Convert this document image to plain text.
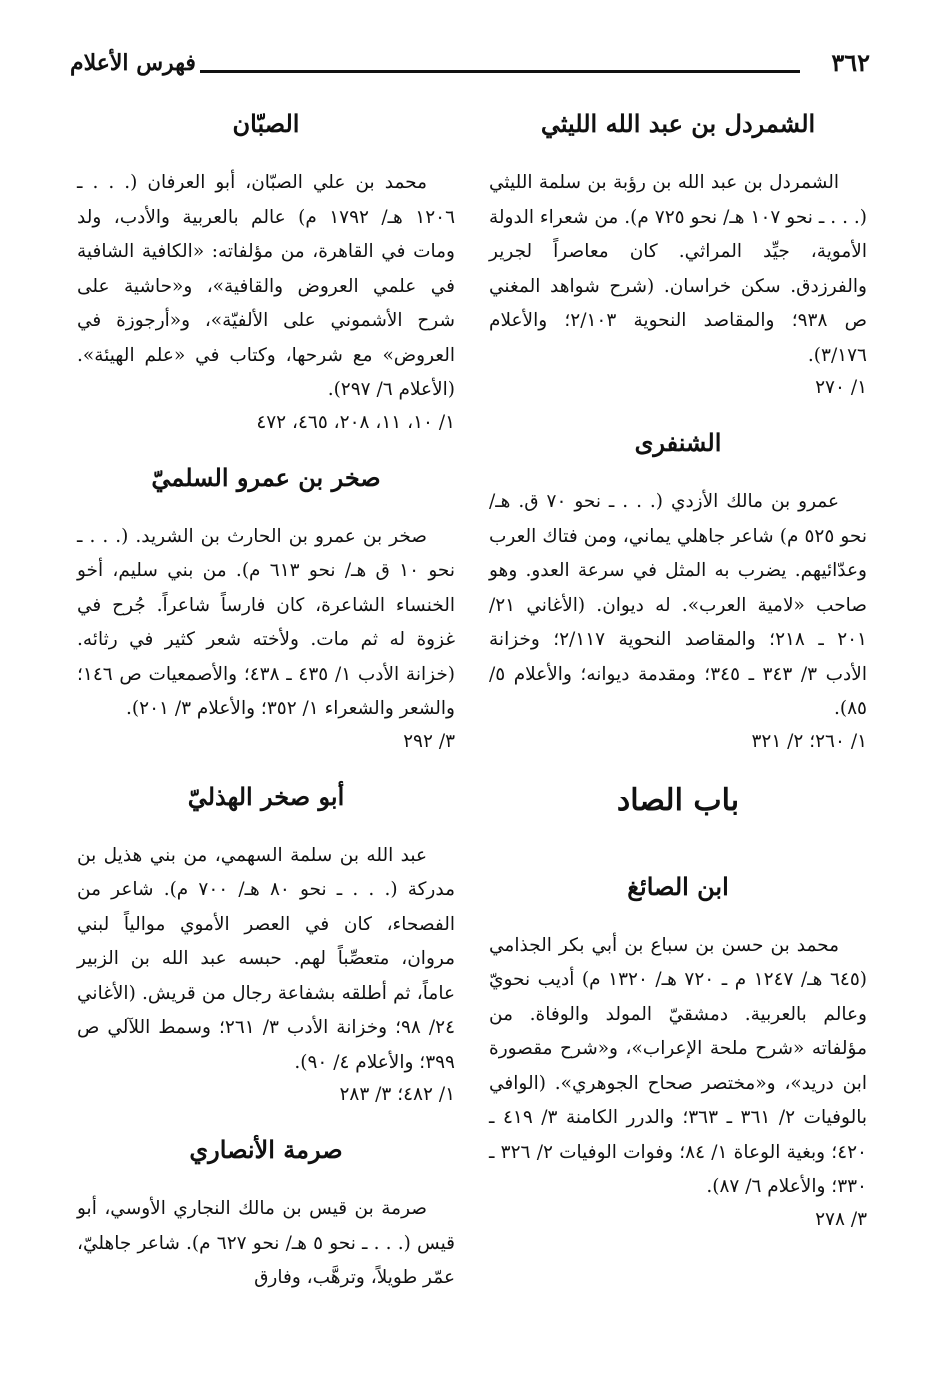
٣٦٢
فهرس الأعلام
الشمردل بن عبد الله الليثي

الشمردل بن عبد الله بن رؤبة بن سلمة الليثي (. . . ـ نحو ١٠٧ هـ/ نحو ٧٢٥ م). من شعراء الدولة الأموية، جيِّد المراثي. كان معاصراً لجرير والفرزدق. سكن خراسان. (شرح شواهد المغني ص ٩٣٨؛ والمقاصد النحوية ٢/١٠٣؛ والأعلام ٣/١٧٦).

١/ ٢٧٠

الشنفرى

عمرو بن مالك الأزدي (. . . ـ نحو ٧٠ ق. هـ/ نحو ٥٢٥ م) شاعر جاهلي يماني، ومن فتاك العرب وعدّائيهم. يضرب به المثل في سرعة العدو. وهو صاحب «لامية العرب». له ديوان. (الأغاني ٢١/ ٢٠١ ـ ٢١٨؛ والمقاصد النحوية ٢/١١٧؛ وخزانة الأدب ٣/ ٣٤٣ ـ ٣٤٥؛ ومقدمة ديوانه؛ والأعلام ٥/ ٨٥).

١/ ٢٦٠؛ ٢/ ٣٢١

باب الصاد
ابن الصائغ

محمد بن حسن بن سباع بن أبي بكر الجذامي (٦٤٥ هـ/ ١٢٤٧ م ـ ٧٢٠ هـ/ ١٣٢٠ م) أديب نحويّ وعالم بالعربية. دمشقيّ المولد والوفاة. من مؤلفاته «شرح ملحة الإعراب»، و«شرح مقصورة ابن دريد»، و«مختصر صحاح الجوهري». (الوافي بالوفيات ٢/ ٣٦١ ـ ٣٦٣؛ والدرر الكامنة ٣/ ٤١٩ ـ ٤٢٠؛ وبغية الوعاة ١/ ٨٤؛ وفوات الوفيات ٢/ ٣٢٦ ـ ٣٣٠؛ والأعلام ٦/ ٨٧).

٣/ ٢٧٨

الصبّان

محمد بن علي الصبّان، أبو العرفان (. . . ـ ١٢٠٦ هـ/ ١٧٩٢ م) عالم بالعربية والأدب، ولد ومات في القاهرة، من مؤلفاته: «الكافية الشافية في علمي العروض والقافية»، و«حاشية على شرح الأشموني على الألفيّة»، و«أرجوزة في العروض» مع شرحها، وكتاب في «علم الهيئة». (الأعلام ٦/ ٢٩٧).

١/ ١٠، ١١، ٢٠٨، ٤٦٥، ٤٧٢

صخر بن عمرو السلميّ

صخر بن عمرو بن الحارث بن الشريد. (. . . ـ نحو ١٠ ق هـ/ نحو ٦١٣ م). من بني سليم، أخو الخنساء الشاعرة، كان فارساً شاعراً. جُرح في غزوة له ثم مات. ولأخته شعر كثير في رثائه. (خزانة الأدب ١/ ٤٣٥ ـ ٤٣٨؛ والأصمعيات ص ١٤٦؛ والشعر والشعراء ١/ ٣٥٢؛ والأعلام ٣/ ٢٠١).

٣/ ٢٩٢

أبو صخر الهذليّ

عبد الله بن سلمة السهمي، من بني هذيل بن مدركة (. . . ـ نحو ٨٠ هـ/ ٧٠٠ م). شاعر من الفصحاء، كان في العصر الأموي موالياً لبني مروان، متعصِّباً لهم. حبسه عبد الله بن الزبير عاماً، ثم أطلقه بشفاعة رجال من قريش. (الأغاني ٢٤/ ٩٨؛ وخزانة الأدب ٣/ ٢٦١؛ وسمط اللآلي ص ٣٩٩؛ والأعلام ٤/ ٩٠).

١/ ٤٨٢؛ ٣/ ٢٨٣

صرمة الأنصاري

صرمة بن قيس بن مالك النجاري الأوسي، أبو قيس (. . . ـ نحو ٥ هـ/ نحو ٦٢٧ م). شاعر جاهليّ، عمّر طويلاً، وترهَّب، وفارق
